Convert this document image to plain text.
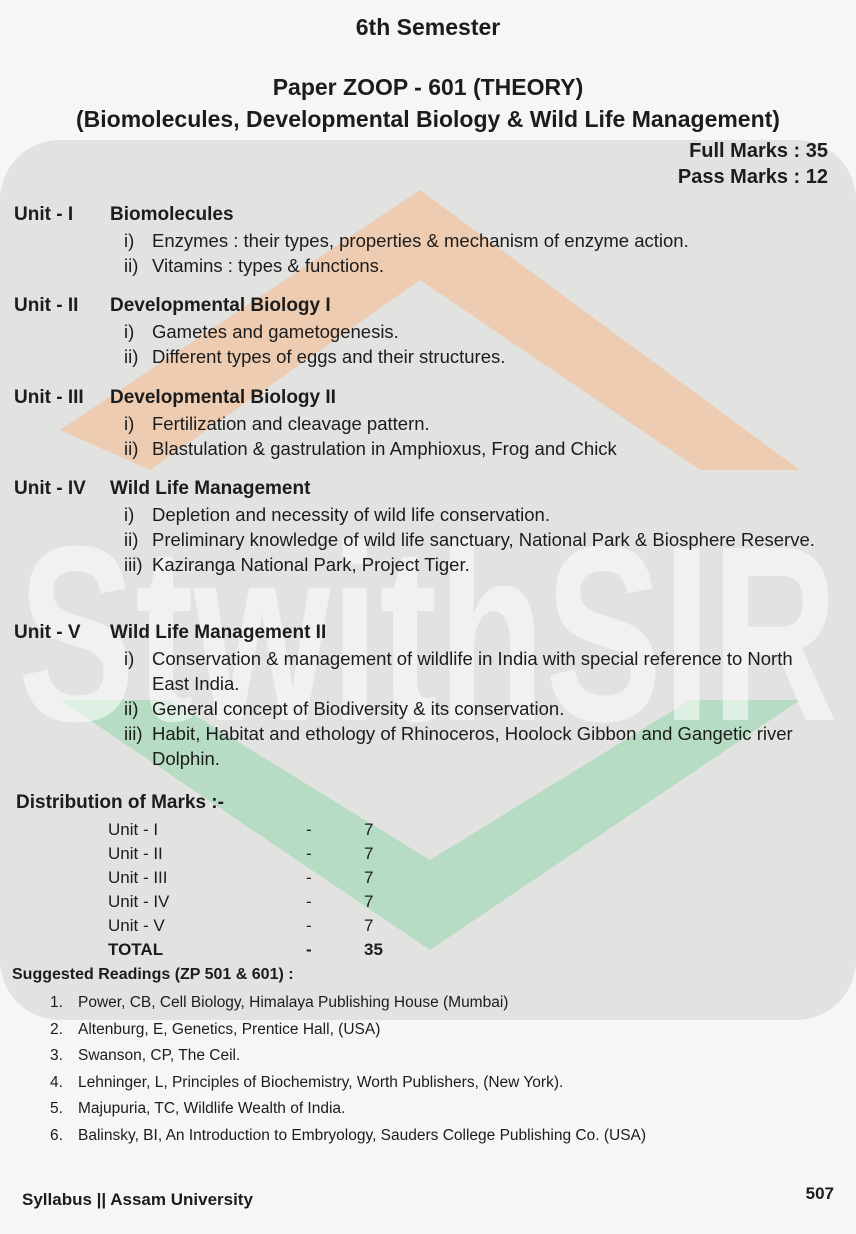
StwithSIR
6th Semester
Paper ZOOP - 601 (THEORY)
(Biomolecules, Developmental Biology & Wild Life Management)
Full Marks : 35
Pass Marks : 12
Unit - I	Biomolecules
i) Enzymes : their types, properties & mechanism of enzyme action.
ii) Vitamins : types & functions.
Unit - II	Developmental Biology I
i) Gametes and gametogenesis.
ii) Different types of eggs and their structures.
Unit - III	Developmental Biology II
i) Fertilization and cleavage pattern.
ii) Blastulation & gastrulation in Amphioxus, Frog and Chick
Unit - IV	Wild Life Management
i) Depletion and necessity of wild life conservation.
ii) Preliminary knowledge of wild life sanctuary, National Park & Biosphere Reserve.
iii) Kaziranga National Park, Project Tiger.
Unit - V	Wild Life Management II
i) Conservation & management of wildlife in India with special reference to North East India.
ii) General concept of Biodiversity & its conservation.
iii) Habit, Habitat and ethology of Rhinoceros, Hoolock Gibbon and Gangetic river Dolphin.
Distribution of Marks :-
Unit - I	-	7
Unit - II	-	7
Unit - III	-	7
Unit - IV	-	7
Unit - V	-	7
TOTAL	-	35
Suggested Readings (ZP 501 & 601) :
1. Power, CB, Cell Biology, Himalaya Publishing House (Mumbai)
2. Altenburg, E, Genetics, Prentice Hall, (USA)
3. Swanson, CP, The Ceil.
4. Lehninger, L, Principles of Biochemistry, Worth Publishers, (New York).
5. Majupuria, TC, Wildlife Wealth of India.
6. Balinsky, BI, An Introduction to Embryology, Sauders College Publishing Co. (USA)
Syllabus || Assam University	507
